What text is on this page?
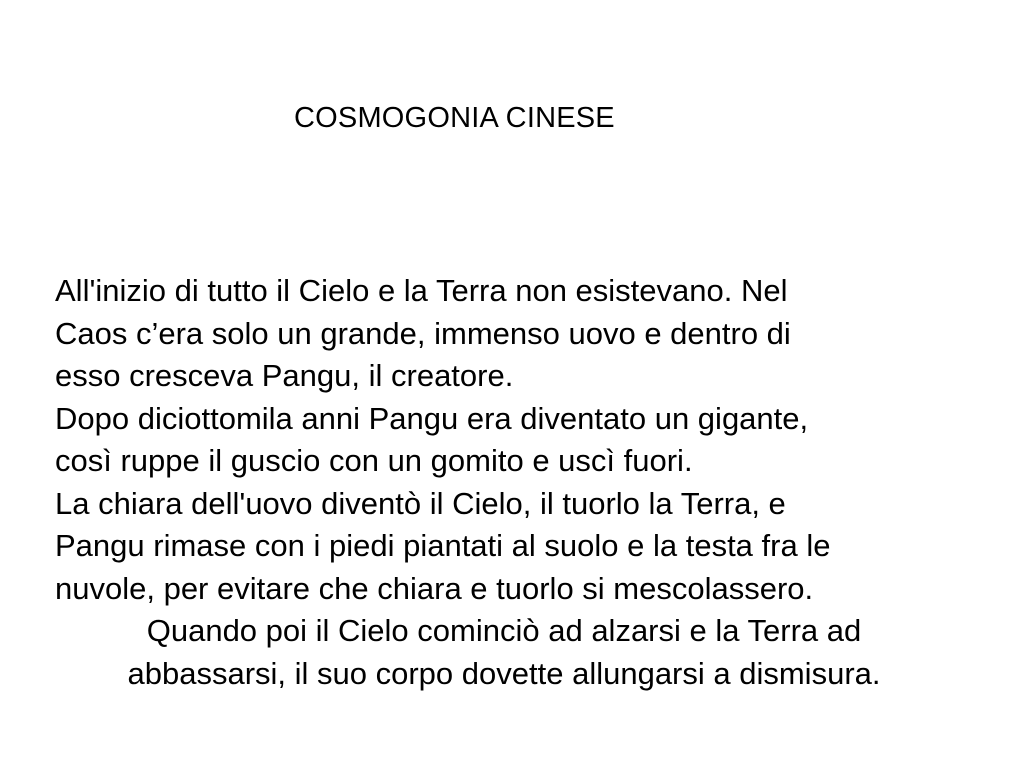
COSMOGONIA CINESE
All'inizio di tutto il Cielo e la Terra non esistevano. Nel
Caos c’era solo un grande, immenso uovo e dentro di
esso cresceva Pangu, il creatore.
Dopo diciottomila anni Pangu era diventato un gigante,
così ruppe il guscio con un gomito e uscì fuori.
La chiara dell'uovo diventò il Cielo, il tuorlo la Terra, e
Pangu rimase con i piedi piantati al suolo e la testa fra le
nuvole, per evitare che chiara e tuorlo si mescolassero.
Quando poi il Cielo cominciò ad alzarsi e la Terra ad
abbassarsi, il suo corpo dovette allungarsi a dismisura.
